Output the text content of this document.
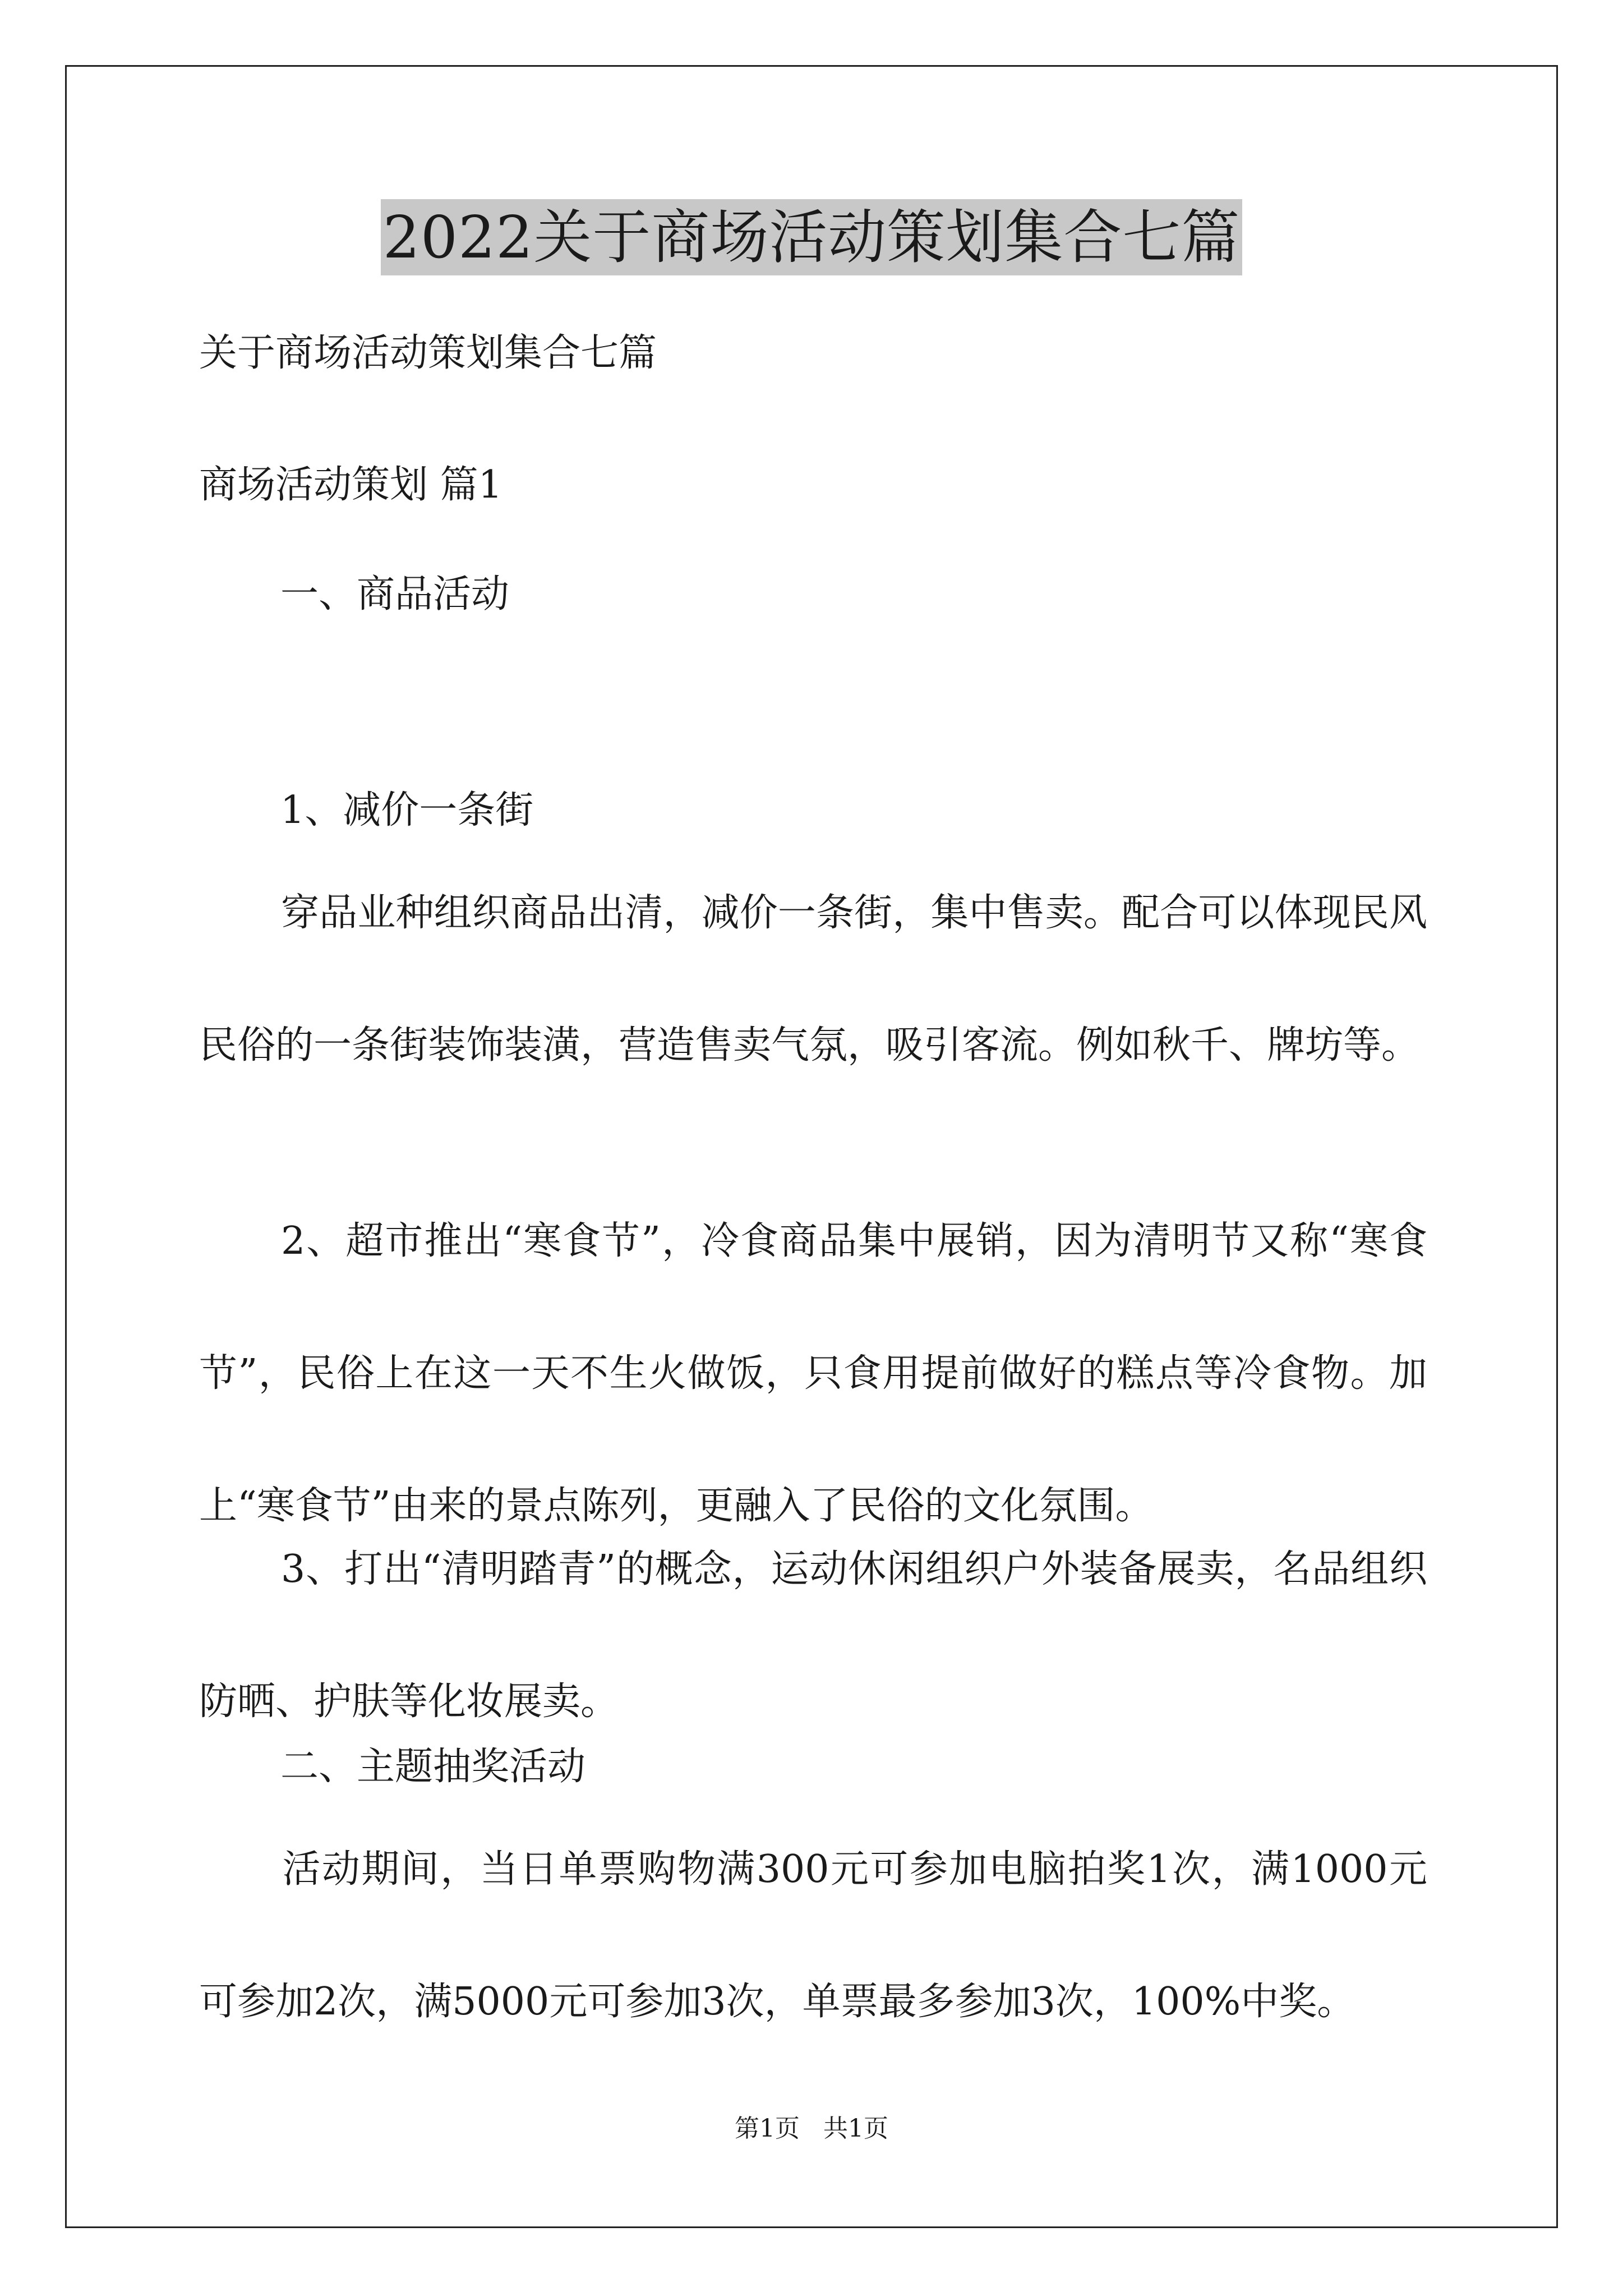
2022关于商场活动策划集合七篇
关于商场活动策划集合七篇
商场活动策划 篇1
一、商品活动
1、减价一条街
穿品业种组织商品出清，减价一条街，集中售卖。配合可以体现民风民俗的一条街装饰装潢，营造售卖气氛，吸引客流。例如秋千、牌坊等。
2、超市推出“寒食节”，冷食商品集中展销，因为清明节又称“寒食节”，民俗上在这一天不生火做饭，只食用提前做好的糕点等冷食物。加上“寒食节”由来的景点陈列，更融入了民俗的文化氛围。
3、打出“清明踏青”的概念，运动休闲组织户外装备展卖，名品组织防晒、护肤等化妆展卖。
二、主题抽奖活动
活动期间，当日单票购物满300元可参加电脑拍奖1次，满1000元可参加2次，满5000元可参加3次，单票最多参加3次，100%中奖。
第1页   共1页
